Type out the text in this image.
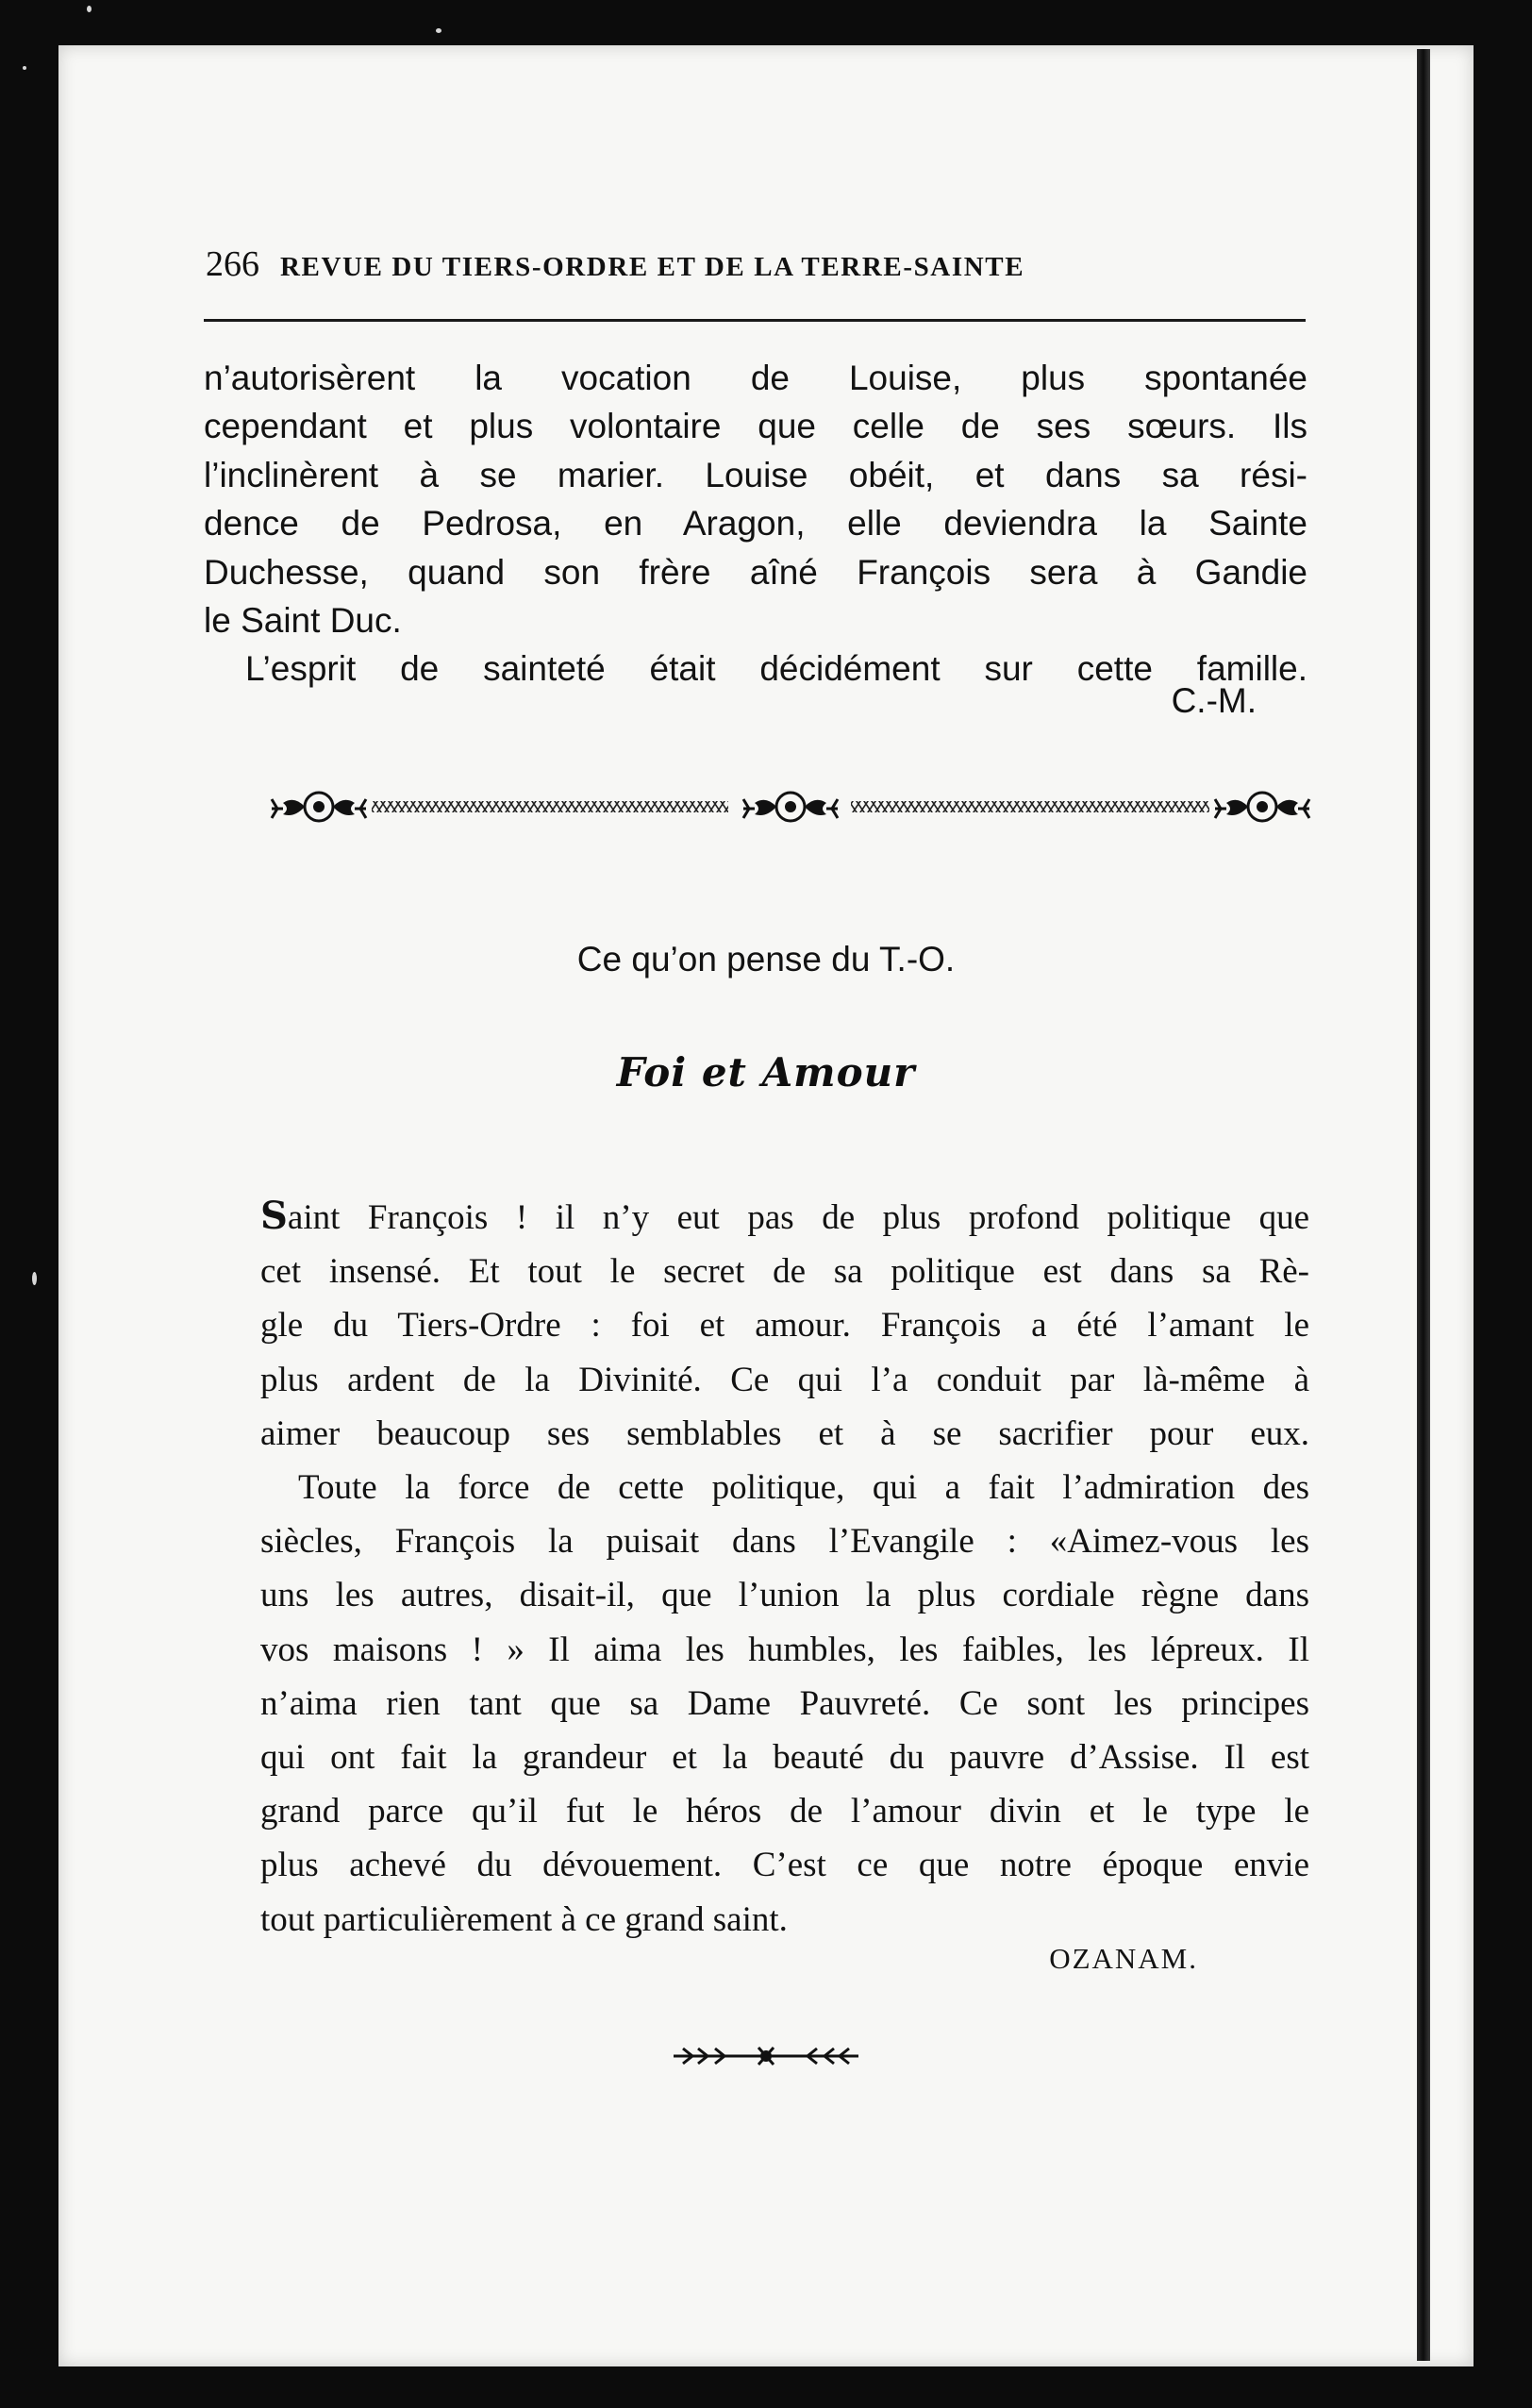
266 REVUE DU TIERS-ORDRE ET DE LA TERRE-SAINTE
n’autorisèrent la vocation de Louise, plus spontanée
cependant et plus volontaire que celle de ses sœurs. Ils
l’inclinèrent à se marier. Louise obéit, et dans sa rési-
dence de Pedrosa, en Aragon, elle deviendra la Sainte
Duchesse, quand son frère aîné François sera à Gandie
le Saint Duc.
L’esprit de sainteté était décidément sur cette famille.
C.-M.
Ce qu’on pense du T.-O.
Foi et Amour
Saint François ! il n’y eut pas de plus profond politique que
cet insensé. Et tout le secret de sa politique est dans sa Rè-
gle du Tiers-Ordre : foi et amour. François a été l’amant le
plus ardent de la Divinité. Ce qui l’a conduit par là-même à
aimer beaucoup ses semblables et à se sacrifier pour eux.
Toute la force de cette politique, qui a fait l’admiration des
siècles, François la puisait dans l’Evangile : «Aimez-vous les
uns les autres, disait-il, que l’union la plus cordiale règne dans
vos maisons ! » Il aima les humbles, les faibles, les lépreux. Il
n’aima rien tant que sa Dame Pauvreté. Ce sont les principes
qui ont fait la grandeur et la beauté du pauvre d’Assise. Il est
grand parce qu’il fut le héros de l’amour divin et le type le
plus achevé du dévouement. C’est ce que notre époque envie
tout particulièrement à ce grand saint.
OZANAM.
